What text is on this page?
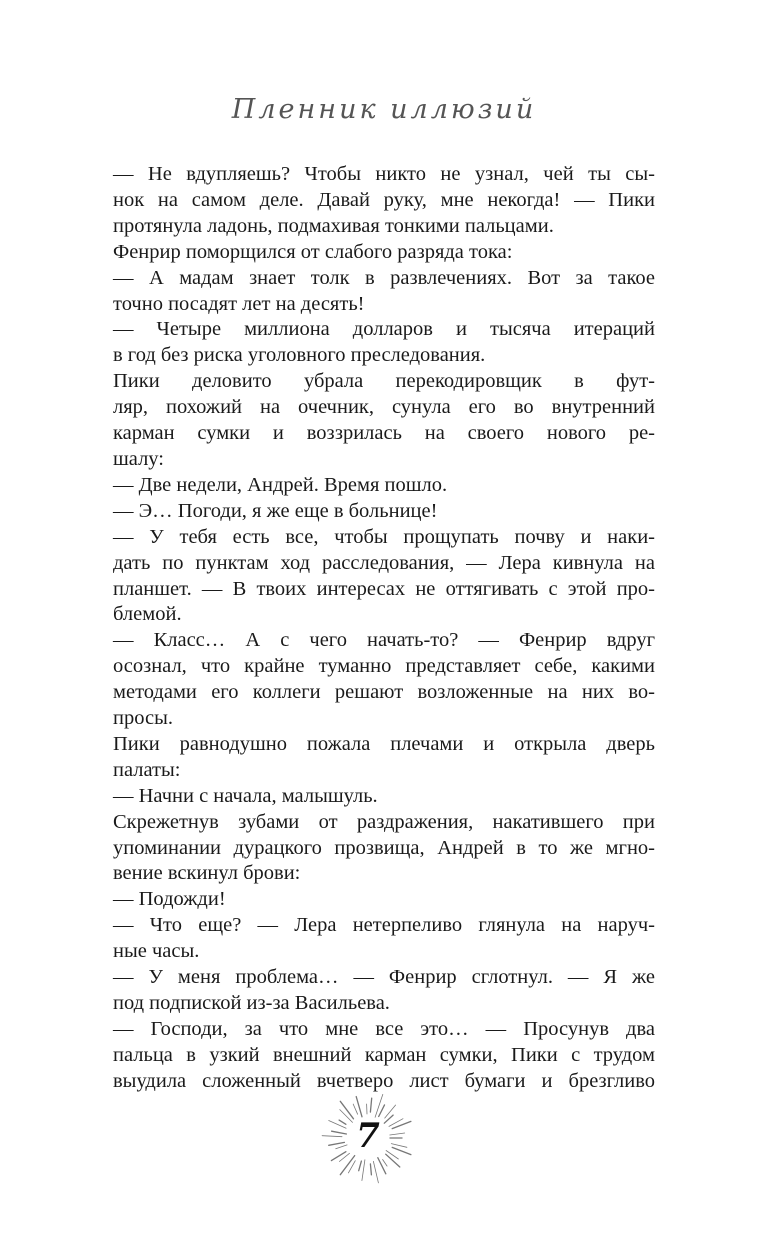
Пленник иллюзий
— Не вдупляешь? Чтобы никто не узнал, чей ты сы-
нок на самом деле. Давай руку, мне некогда! — Пики
протянула ладонь, подмахивая тонкими пальцами.
Фенрир поморщился от слабого разряда тока:
— А мадам знает толк в развлечениях. Вот за такое
точно посадят лет на десять!
— Четыре миллиона долларов и тысяча итераций
в год без риска уголовного преследования.
Пики деловито убрала перекодировщик в фут-
ляр, похожий на очечник, сунула его во внутренний
карман сумки и воззрилась на своего нового ре-
шалу:
— Две недели, Андрей. Время пошло.
— Э… Погоди, я же еще в больнице!
— У тебя есть все, чтобы прощупать почву и наки-
дать по пунктам ход расследования, — Лера кивнула на
планшет. — В твоих интересах не оттягивать с этой про-
блемой.
— Класс… А с чего начать-то? — Фенрир вдруг
осознал, что крайне туманно представляет себе, какими
методами его коллеги решают возложенные на них во-
просы.
Пики равнодушно пожала плечами и открыла дверь
палаты:
— Начни с начала, малышуль.
Скрежетнув зубами от раздражения, накатившего при
упоминании дурацкого прозвища, Андрей в то же мгно-
вение вскинул брови:
— Подожди!
— Что еще? — Лера нетерпеливо глянула на наруч-
ные часы.
— У меня проблема… — Фенрир сглотнул. — Я же
под подпиской из-за Васильева.
— Господи, за что мне все это… — Просунув два
пальца в узкий внешний карман сумки, Пики с трудом
выудила сложенный вчетверо лист бумаги и брезгливо
7
